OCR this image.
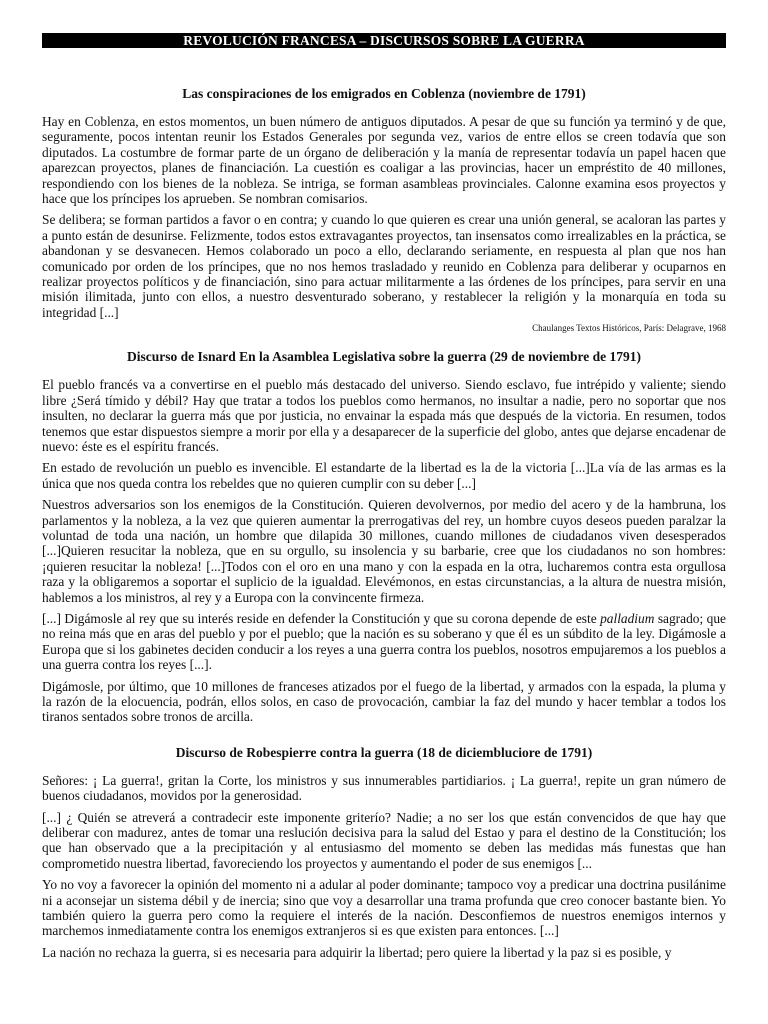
REVOLUCIÓN FRANCESA – DISCURSOS SOBRE LA GUERRA
Las conspiraciones de los emigrados en Coblenza (noviembre de 1791)

Hay en Coblenza, en estos momentos, un buen número de antiguos diputados. A pesar de que su función ya terminó y de que, seguramente, pocos intentan reunir los Estados Generales por segunda vez, varios de entre ellos se creen todavía que son diputados. La costumbre de formar parte de un órgano de deliberación y la manía de representar todavía un papel hacen que aparezcan proyectos, planes de financiación. La cuestión es coaligar a las provincias, hacer un empréstito de 40 millones, respondiendo con los bienes de la nobleza. Se intriga, se forman asambleas provinciales. Calonne examina esos proyectos y hace que los príncipes los aprueben. Se nombran comisarios.

Se delibera; se forman partidos a favor o en contra; y cuando lo que quieren es crear una unión general, se acaloran las partes y a punto están de desunirse. Felizmente, todos estos extravagantes proyectos, tan insensatos como irrealizables en la práctica, se abandonan y se desvanecen. Hemos colaborado un poco a ello, declarando seriamente, en respuesta al plan que nos han comunicado por orden de los príncipes, que no nos hemos trasladado y reunido en Coblenza para deliberar y ocuparnos en realizar proyectos políticos y de financiación, sino para actuar militarmente a las órdenes de los príncipes, para servir en una misión ilimitada, junto con ellos, a nuestro desventurado soberano, y restablecer la religión y la monarquía en toda su integridad [...]

Chaulanges Textos Históricos, París: Delagrave, 1968
Discurso de Isnard En la Asamblea Legislativa sobre la guerra (29 de noviembre de 1791)

El pueblo francés va a convertirse en el pueblo más destacado del universo. Siendo esclavo, fue intrépido y valiente; siendo libre ¿Será tímido y débil? Hay que tratar a todos los pueblos como hermanos, no insultar a nadie, pero no soportar que nos insulten, no declarar la guerra más que por justicia, no envainar la espada más que después de la victoria. En resumen, todos tenemos que estar dispuestos siempre a morir por ella y a desaparecer de la superficie del globo, antes que dejarse encadenar de nuevo: éste es el espíritu francés.

En estado de revolución un pueblo es invencible. El estandarte de la libertad es la de la victoria [...]La vía de las armas es la única que nos queda contra los rebeldes que no quieren cumplir con su deber [...]

Nuestros adversarios son los enemigos de la Constitución. Quieren devolvernos, por medio del acero y de la hambruna, los parlamentos y la nobleza, a la vez que quieren aumentar la prerrogativas del rey, un hombre cuyos deseos pueden paralzar la voluntad de toda una nación, un hombre que dilapida 30 millones, cuando millones de ciudadanos viven desesperados [...]Quieren resucitar la nobleza, que en su orgullo, su insolencia y su barbarie, cree que los ciudadanos no son hombres: ¡quieren resucitar la nobleza! [...]Todos con el oro en una mano y con la espada en la otra, lucharemos contra esta orgullosa raza y la obligaremos a soportar el suplicio de la igualdad. Elevémonos, en estas circunstancias, a la altura de nuestra misión, hablemos a los ministros, al rey y a Europa con la convincente firmeza.

[...] Digámosle al rey que su interés reside en defender la Constitución y que su corona depende de este palladium sagrado; que no reina más que en aras del pueblo y por el pueblo; que la nación es su soberano y que él es un súbdito de la ley. Digámosle a Europa que si los gabinetes deciden conducir a los reyes a una guerra contra los pueblos, nosotros empujaremos a los pueblos a una guerra contra los reyes [...].

Digámosle, por último, que 10 millones de franceses atizados por el fuego de la libertad, y armados con la espada, la pluma y la razón de la elocuencia, podrán, ellos solos, en caso de provocación, cambiar la faz del mundo y hacer temblar a todos los tiranos sentados sobre tronos de arcilla.

Discurso de Robespierre contra la guerra (18 de diciembluciore de 1791)

Señores: ¡ La guerra!, gritan la Corte, los ministros y sus innumerables partidiarios. ¡ La guerra!, repite un gran número de buenos ciudadanos, movidos por la generosidad.

[...] ¿ Quién se atreverá a contradecir este imponente griterío? Nadie; a no ser los que están convencidos de que hay que deliberar con madurez, antes de tomar una reslución decisiva para la salud del Estao y para el destino de la Constitución; los que han observado que a la precipitación y al entusiasmo del momento se deben las medidas más funestas que han comprometido nuestra libertad, favoreciendo los proyectos y aumentando el poder de sus enemigos [...

Yo no voy a favorecer la opinión del momento ni a adular al poder dominante; tampoco voy a predicar una doctrina pusilánime ni a aconsejar un sistema débil y de inercia; sino que voy a desarrollar una trama profunda que creo conocer bastante bien. Yo también quiero la guerra pero como la requiere el interés de la nación. Desconfiemos de nuestros enemigos internos y marchemos inmediatamente contra los enemigos extranjeros si es que existen para entonces. [...]

La nación no rechaza la guerra, si es necesaria para adquirir la libertad; pero quiere la libertad y la paz si es posible, y
